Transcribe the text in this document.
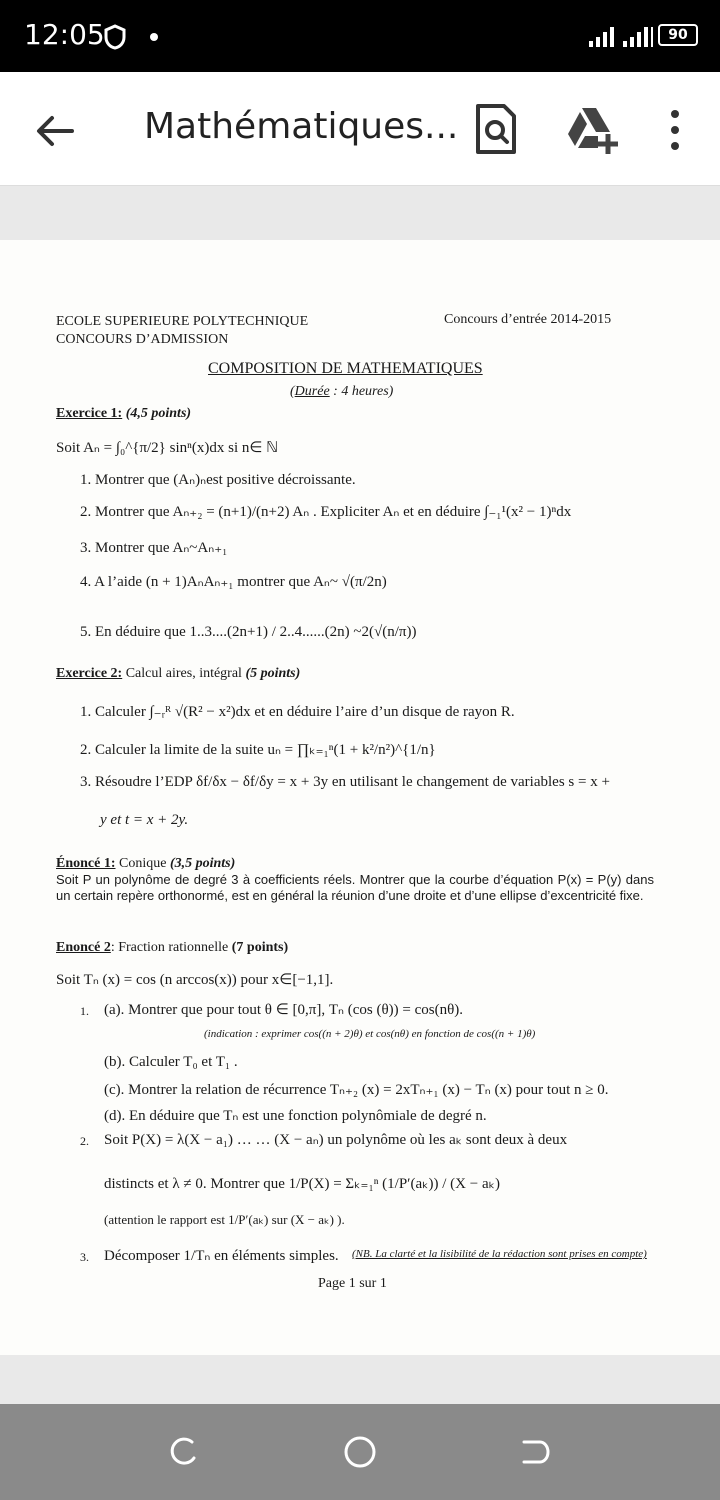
12:05	90
Mathématiques...
ECOLE SUPERIEURE POLYTECHNIQUE
CONCOURS D’ADMISSION
Concours d’entrée 2014-2015
COMPOSITION DE MATHEMATIQUES
(Durée : 4 heures)
Exercice 1: (4,5 points)
Soit Aₙ = ∫₀^{π/2} sinⁿ(x)dx si n∈ ℕ
1. Montrer que (Aₙ)ₙest positive décroissante.
2. Montrer que Aₙ₊₂ = (n+1)/(n+2) Aₙ . Expliciter Aₙ et en déduire ∫₋₁¹(x² − 1)ⁿdx
3. Montrer que Aₙ~Aₙ₊₁
4. A l’aide (n + 1)AₙAₙ₊₁ montrer que Aₙ~ √(π/2n)
5. En déduire que 1..3....(2n+1) / 2..4......(2n) ~2(√(n/π))
Exercice 2: Calcul aires, intégral (5 points)
1. Calculer ∫₋ᵣᴿ √(R² − x²)dx et en déduire l’aire d’un disque de rayon R.
2. Calculer la limite de la suite uₙ = ∏ₖ₌₁ⁿ(1 + k²/n²)^{1/n}
3. Résoudre l’EDP δf/δx − δf/δy = x + 3y en utilisant le changement de variables s = x +
y et t = x + 2y.
Énoncé 1: Conique (3,5 points)
Soit P un polynôme de degré 3 à coefficients réels. Montrer que la courbe d’équation P(x) = P(y) dans un certain repère orthonormé, est en général la réunion d’une droite et d’une ellipse d’excentricité fixe.
Enoncé 2: Fraction rationnelle (7 points)
Soit Tₙ (x) = cos (n arccos(x)) pour x∈[−1,1].
1. (a). Montrer que pour tout θ ∈ [0,π], Tₙ (cos (θ)) = cos(nθ).
(indication : exprimer cos((n + 2)θ) et cos(nθ) en fonction de cos((n + 1)θ)
(b). Calculer T₀ et T₁ .
(c). Montrer la relation de récurrence Tₙ₊₂ (x) = 2xTₙ₊₁ (x) − Tₙ (x) pour tout n ≥ 0.
(d). En déduire que Tₙ est une fonction polynômiale de degré n.
2. Soit P(X) = λ(X − a₁) … … (X − aₙ) un polynôme où les aₖ sont deux à deux
distincts et λ ≠ 0. Montrer que 1/P(X) = Σₖ₌₁ⁿ (1/P′(aₖ)) / (X − aₖ)
(attention le rapport est 1/P′(aₖ) sur (X − aₖ) ).
3. Décomposer 1/Tₙ en éléments simples. (NB. La clarté et la lisibilité de la rédaction sont prises en compte)
Page 1 sur 1
